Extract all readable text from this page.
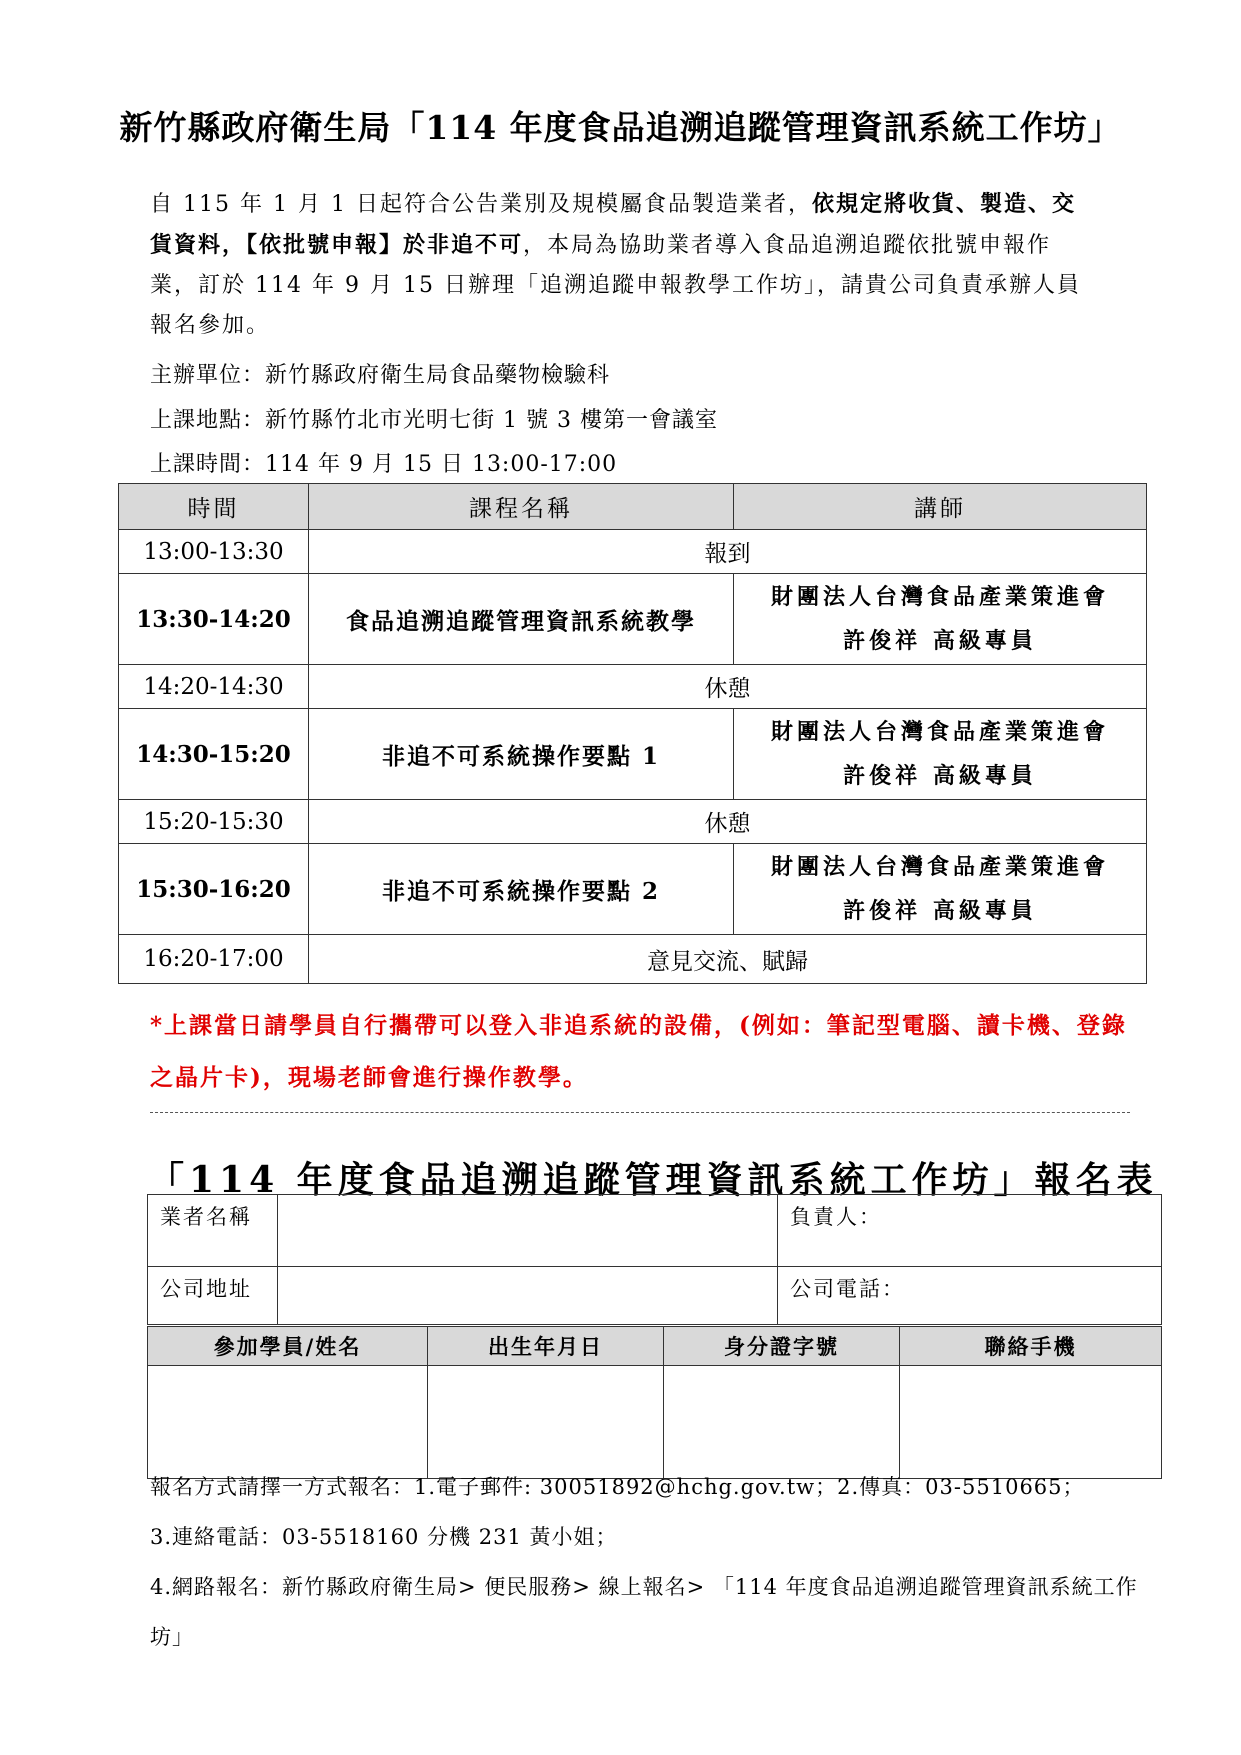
新竹縣政府衛生局「114 年度食品追溯追蹤管理資訊系統工作坊」
自 115 年 1 月 1 日起符合公告業別及規模屬食品製造業者，依規定將收貨、製造、交貨資料，【依批號申報】於非追不可，本局為協助業者導入食品追溯追蹤依批號申報作業，訂於 114 年 9 月 15 日辦理「追溯追蹤申報教學工作坊」，請貴公司負責承辦人員報名參加。
主辦單位：新竹縣政府衛生局食品藥物檢驗科
上課地點：新竹縣竹北市光明七街 1 號 3 樓第一會議室
上課時間：114 年 9 月 15 日 13:00-17:00
時間	課程名稱	講師
13:00-13:30	報到	
13:30-14:20	食品追溯追蹤管理資訊系統教學	財團法人台灣食品產業策進會
許俊祥 高級專員

14:20-14:30	休憩	
14:30-15:20	非追不可系統操作要點 1	財團法人台灣食品產業策進會
許俊祥 高級專員

15:20-15:30	休憩	
15:30-16:20	非追不可系統操作要點 2	財團法人台灣食品產業策進會
許俊祥 高級專員

16:20-17:00	意見交流、賦歸	
*上課當日請學員自行攜帶可以登入非追系統的設備，(例如：筆記型電腦、讀卡機、登錄之晶片卡)，現場老師會進行操作教學。
「114 年度食品追溯追蹤管理資訊系統工作坊」報名表
業者名稱		負責人：
公司地址		公司電話：
參加學員/姓名	出生年月日	身分證字號	聯絡手機

報名方式請擇一方式報名：1.電子郵件: 30051892@hchg.gov.tw；2.傳真：03-5510665；
3.連絡電話：03-5518160 分機 231 黃小姐；
4.網路報名：新竹縣政府衛生局> 便民服務> 線上報名> 「114 年度食品追溯追蹤管理資訊系統工作坊」
